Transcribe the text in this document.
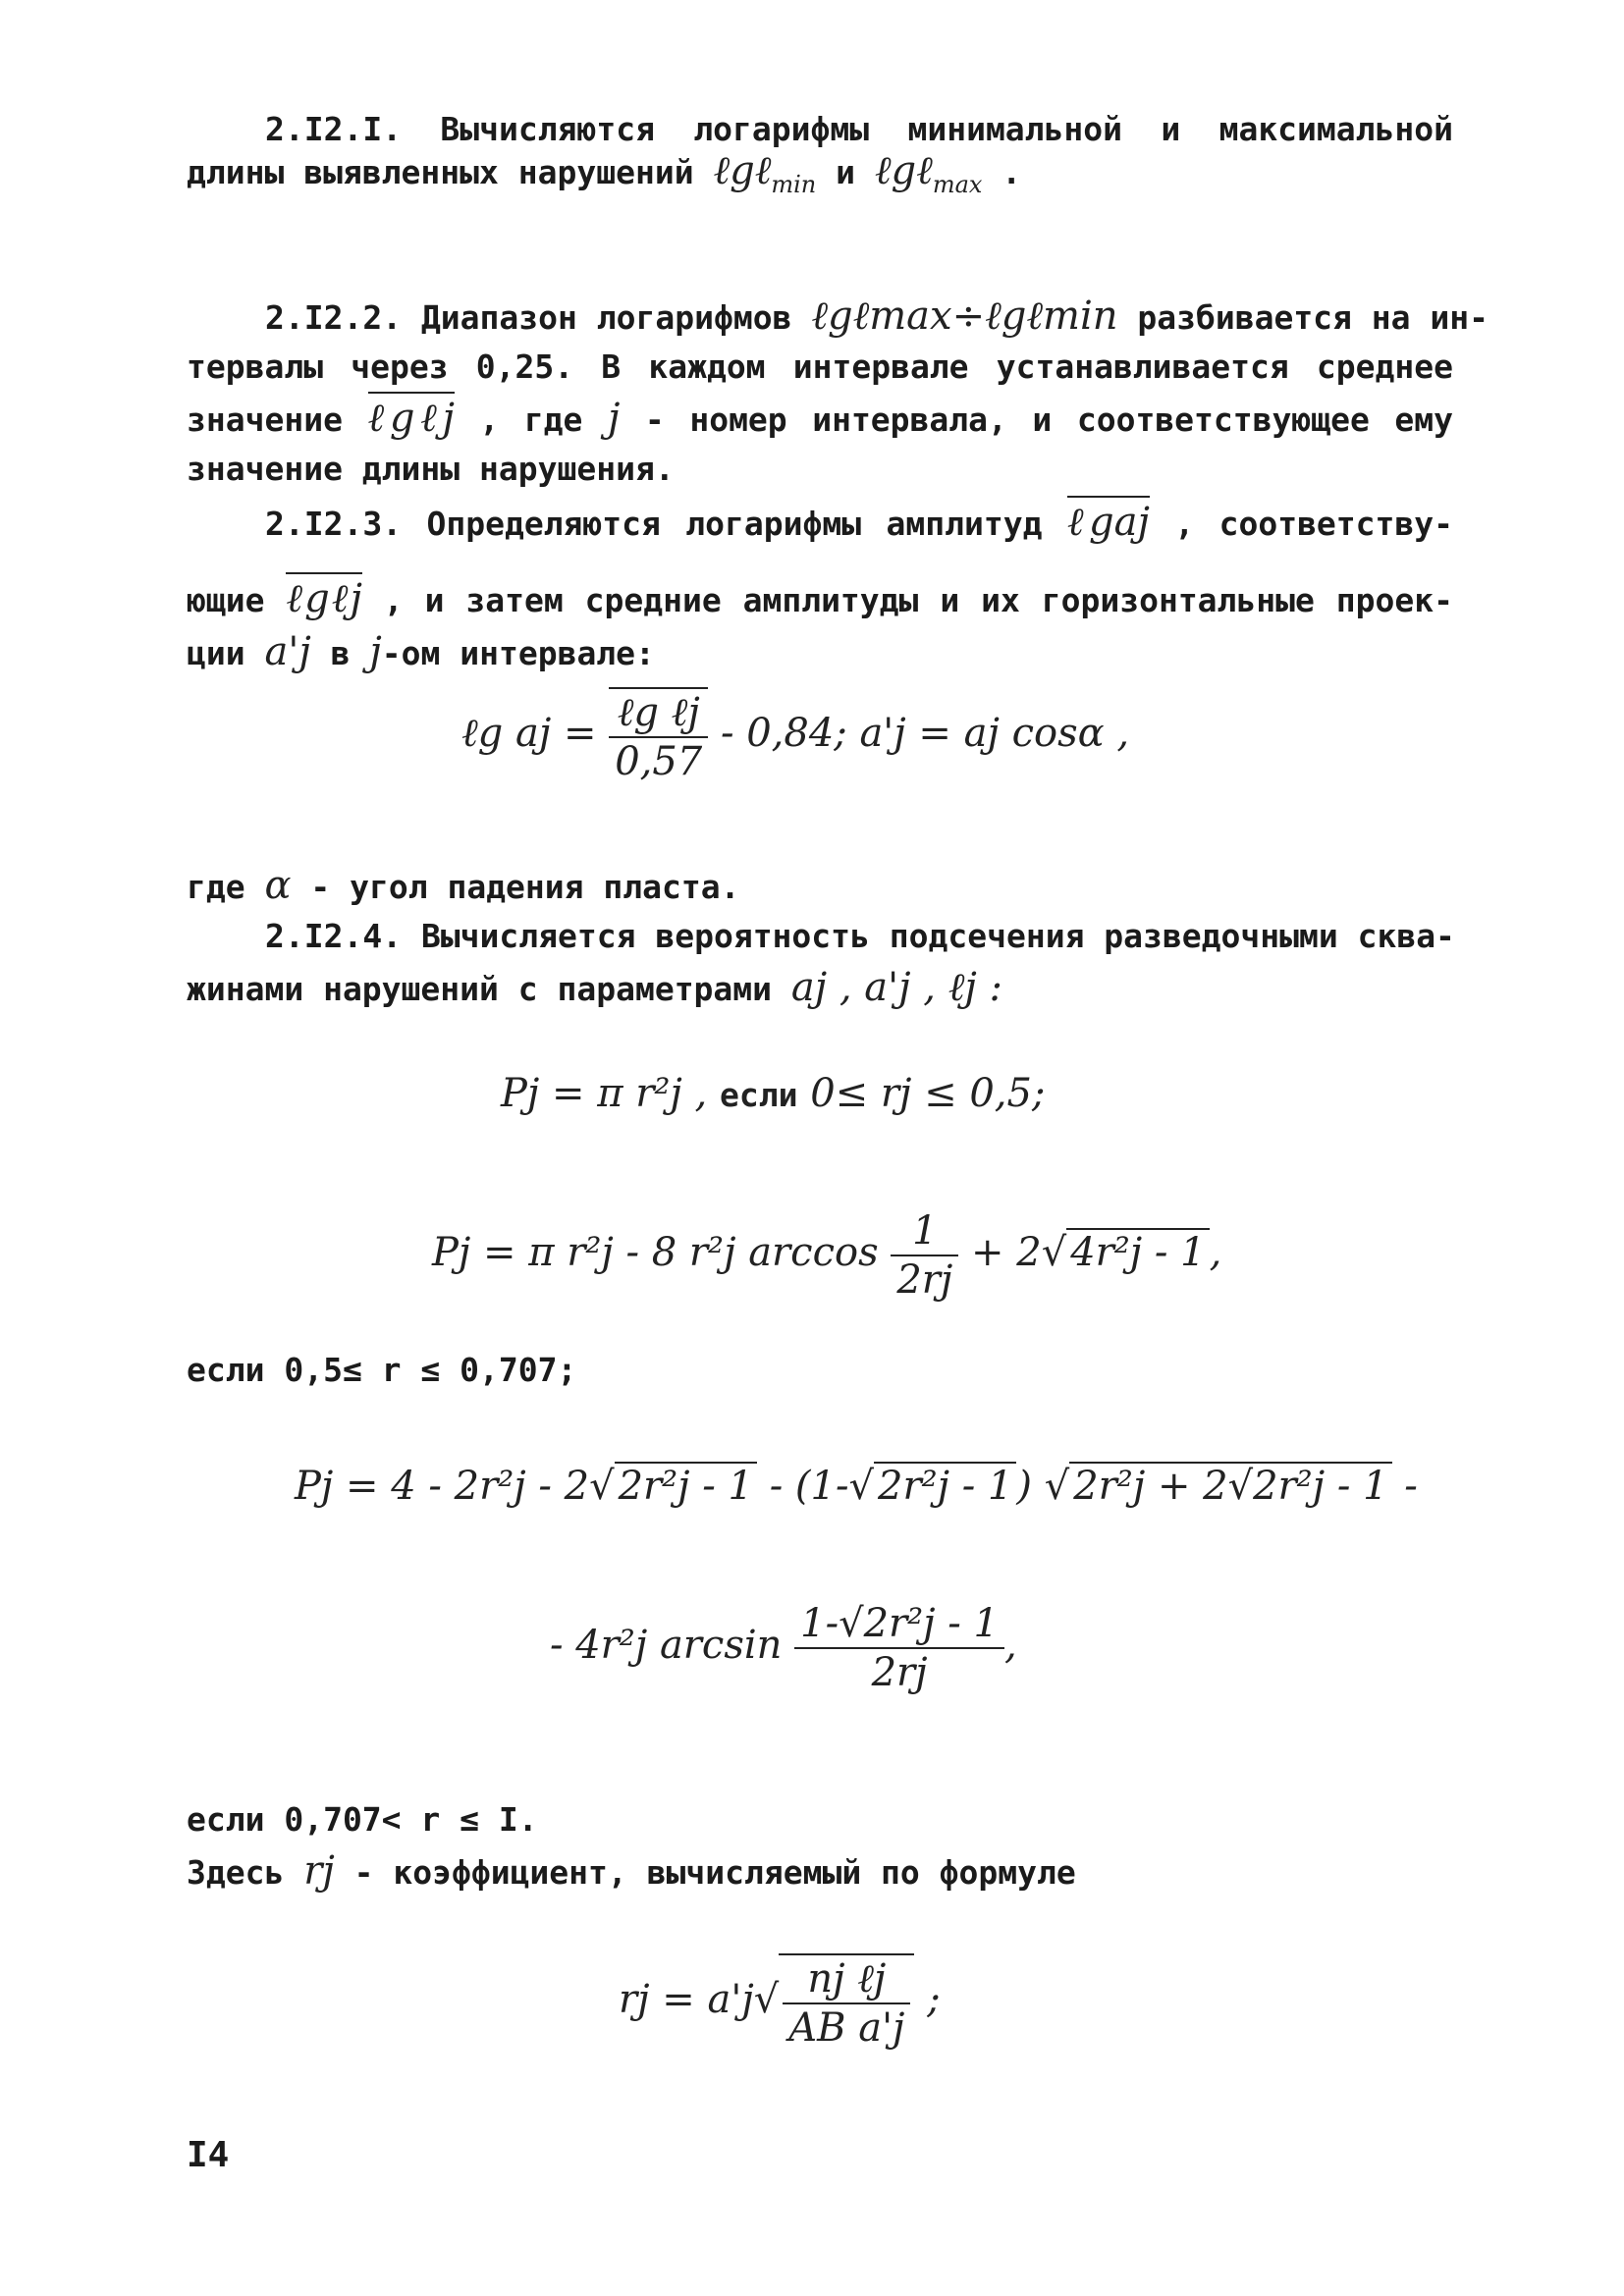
2.I2.I. Вычисляются логарифмы минимальной и максимальной
длины выявленных нарушений ℓgℓ$_{min}$ и ℓgℓ$_{max}$ .
2.I2.2. Диапазон логарифмов ℓgℓmax÷ℓgℓmin разбивается на ин-
тервалы через 0,25. В каждом интервале устанавливается среднее
значение ℓgℓj , где j - номер интервала, и соответствующее ему
значение длины нарушения.
2.I2.3. Определяются логарифмы амплитуд ℓgaj , соответству-
ющие ℓgℓj , и затем средние амплитуды и их горизонтальные проек-
ции a'j в j-ом интервале:
ℓg aj = $\frac{\text{ℓg ℓj}}{0,57} - 0,84$; a'j = aj cosα ,
где α - угол падения пласта.
2.I2.4. Вычисляется вероятность подсечения разведочными сква-
жинами нарушений с параметрами aj , a'j , ℓj :
Pj = π r²j , если 0≤ rj ≤ 0,5;
Pj = π r²j - 8 r²j $\arccos \frac{1}{2rj} + 2√$ 4r²j - 1 ,
если 0,5≤ r ≤ 0,707;
Pj = 4 - 2r²j - 2√ 2r²j - 1 - (1-√ 2r²j - 1 ) √ 2r²j + 2√2r²j - 1 -
- 4r²j $\arcsin \frac{\text{1-√2r²j - 1}}{2rj}$ ,
если 0,707< r ≤ I.
Здесь rj - коэффициент, вычисляемый по формуле
rj = $a'j√ \frac{\text{nj ℓj}}{\text{AB a'j}}$ ;
I4
